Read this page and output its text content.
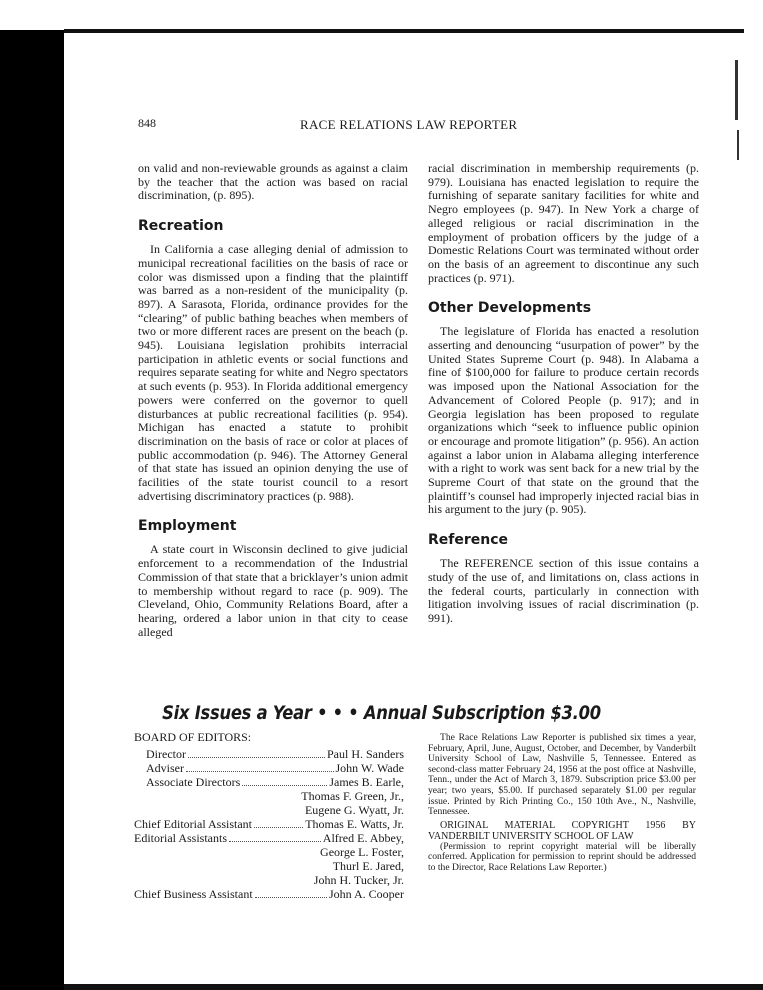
848	RACE RELATIONS LAW REPORTER

on valid and non-reviewable grounds as against a claim by the teacher that the action was based on racial discrimination, (p. 895).

Recreation

In California a case alleging denial of admission to municipal recreational facilities on the basis of race or color was dismissed upon a finding that the plaintiff was barred as a non-resident of the municipality (p. 897). A Sarasota, Florida, ordinance provides for the “clearing” of public bathing beaches when members of two or more different races are present on the beach (p. 945). Louisiana legislation prohibits interracial participation in athletic events or social functions and requires separate seating for white and Negro spectators at such events (p. 953). In Florida additional emergency powers were conferred on the governor to quell disturbances at public recreational facilities (p. 954). Michigan has enacted a statute to prohibit discrimination on the basis of race or color at places of public accommodation (p. 946). The Attorney General of that state has issued an opinion denying the use of facilities of the state tourist council to a resort advertising discriminatory practices (p. 988).

Employment

A state court in Wisconsin declined to give judicial enforcement to a recommendation of the Industrial Commission of that state that a bricklayer’s union admit to membership without regard to race (p. 909). The Cleveland, Ohio, Community Relations Board, after a hearing, ordered a labor union in that city to cease alleged

racial discrimination in membership requirements (p. 979). Louisiana has enacted legislation to require the furnishing of separate sanitary facilities for white and Negro employees (p. 947). In New York a charge of alleged religious or racial discrimination in the employment of probation officers by the judge of a Domestic Relations Court was terminated without order on the basis of an agreement to discontinue any such practices (p. 971).

Other Developments

The legislature of Florida has enacted a resolution asserting and denouncing “usurpation of power” by the United States Supreme Court (p. 948). In Alabama a fine of $100,000 for failure to produce certain records was imposed upon the National Association for the Advancement of Colored People (p. 917); and in Georgia legislation has been proposed to regulate organizations which “seek to influence public opinion or encourage and promote litigation” (p. 956). An action against a labor union in Alabama alleging interference with a right to work was sent back for a new trial by the Supreme Court of that state on the ground that the plaintiff’s counsel had improperly injected racial bias in his argument to the jury (p. 905).

Reference

The REFERENCE section of this issue contains a study of the use of, and limitations on, class actions in the federal courts, particularly in connection with litigation involving issues of racial discrimination (p. 991).

Six Issues a Year • • • Annual Subscription $3.00
BOARD OF EDITORS:
Director	Paul H. Sanders
Adviser	John W. Wade
Associate Directors	James B. Earle,
Thomas F. Green, Jr.,
Eugene G. Wyatt, Jr.
Chief Editorial Assistant	Thomas E. Watts, Jr.
Editorial Assistants	Alfred E. Abbey,
George L. Foster,
Thurl E. Jared,
John H. Tucker, Jr.
Chief Business Assistant	John A. Cooper

The Race Relations Law Reporter is published six times a year, February, April, June, August, October, and December, by Vanderbilt University School of Law, Nashville 5, Tennessee. Entered as second-class matter February 24, 1956 at the post office at Nashville, Tenn., under the Act of March 3, 1879. Subscription price $3.00 per year; two years, $5.00. If purchased separately $1.00 per regular issue. Printed by Rich Printing Co., 150 10th Ave., N., Nashville, Tennessee.

ORIGINAL MATERIAL COPYRIGHT 1956 BY VANDERBILT UNIVERSITY SCHOOL OF LAW

(Permission to reprint copyright material will be liberally conferred. Application for permission to reprint should be addressed to the Director, Race Relations Law Reporter.)
